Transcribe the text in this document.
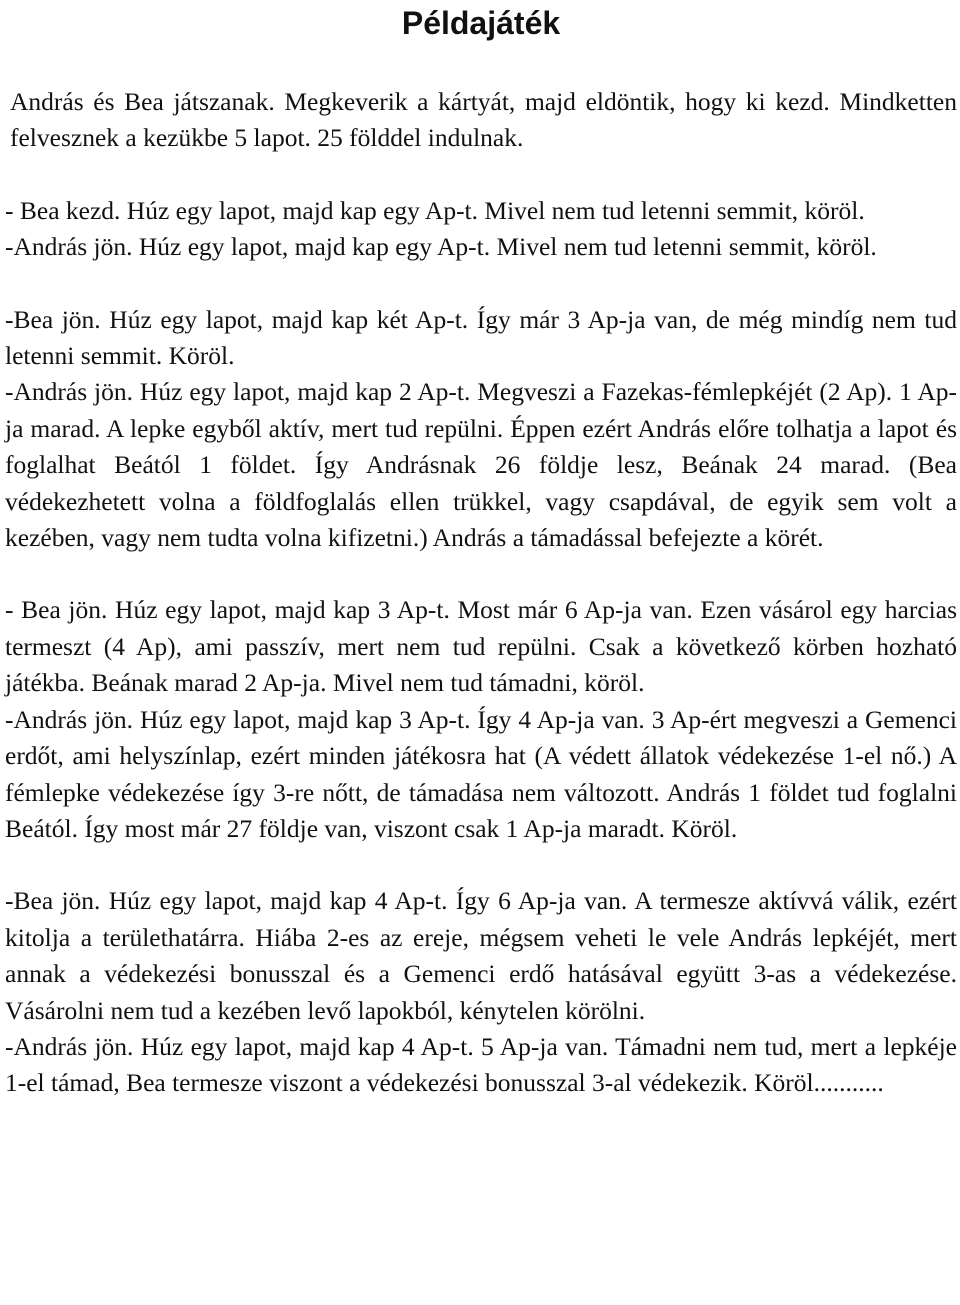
Példajáték

András és Bea játszanak. Megkeverik a kártyát, majd eldöntik, hogy ki kezd. Mindketten felvesznek a kezükbe 5 lapot. 25 földdel indulnak.

- Bea kezd. Húz egy lapot, majd kap egy Ap-t. Mivel nem tud letenni semmit, köröl.

-András jön. Húz egy lapot, majd kap egy Ap-t. Mivel nem tud letenni semmit, köröl.

-Bea jön. Húz egy lapot, majd kap két Ap-t. Így már 3 Ap-ja van, de még mindíg nem tud letenni semmit. Köröl.

-András jön. Húz egy lapot, majd kap 2 Ap-t. Megveszi a Fazekas-fémlepkéjét (2 Ap). 1 Ap-ja marad. A lepke egyből aktív, mert tud repülni. Éppen ezért András előre tolhatja a lapot és foglalhat Beától 1 földet. Így Andrásnak 26 földje lesz, Beának 24 marad. (Bea védekezhetett volna a földfoglalás ellen trükkel, vagy csapdával, de egyik sem volt a kezében, vagy nem tudta volna kifizetni.) András a támadással befejezte a körét.

- Bea jön. Húz egy lapot, majd kap 3 Ap-t. Most már 6 Ap-ja van. Ezen vásárol egy harcias termeszt (4 Ap), ami passzív, mert nem tud repülni. Csak a következő körben hozható játékba. Beának marad 2 Ap-ja. Mivel nem tud támadni, köröl.

-András jön. Húz egy lapot, majd kap 3 Ap-t. Így 4 Ap-ja van. 3 Ap-ért megveszi a Gemenci erdőt, ami helyszínlap, ezért minden játékosra hat (A védett állatok védekezése 1-el nő.) A fémlepke védekezése így 3-re nőtt, de támadása nem változott. András 1 földet tud foglalni Beától. Így most már 27 földje van, viszont csak 1 Ap-ja maradt. Köröl.

-Bea jön. Húz egy lapot, majd kap 4 Ap-t. Így 6 Ap-ja van. A termesze aktívvá válik, ezért kitolja a területhatárra. Hiába 2-es az ereje, mégsem veheti le vele András lepkéjét, mert annak a védekezési bonusszal és a Gemenci erdő hatásával együtt 3-as a védekezése. Vásárolni nem tud a kezében levő lapokból, kénytelen körölni.

-András jön. Húz egy lapot, majd kap 4 Ap-t. 5 Ap-ja van. Támadni nem tud, mert a lepkéje 1-el támad, Bea termesze viszont a védekezési bonusszal 3-al védekezik. Köröl...........
